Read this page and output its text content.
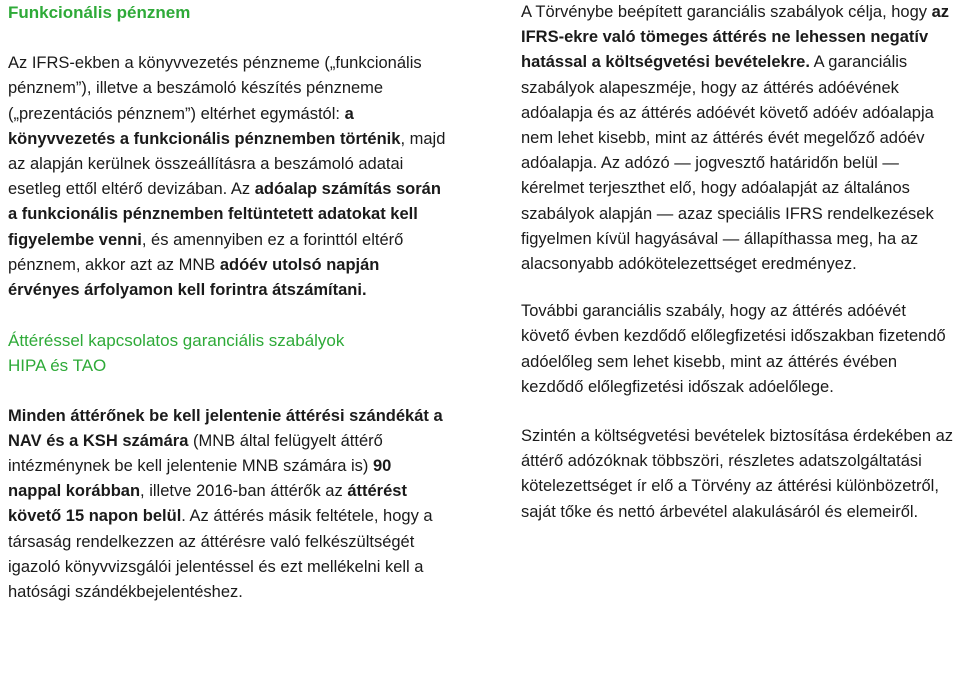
Funkcionális pénznem

Az IFRS-ekben a könyvvezetés pénzneme („funkcionális pénznem”), illetve a beszámoló készítés pénzneme („prezentációs pénznem”) eltérhet egymástól: a könyvvezetés a funkcionális pénznemben történik, majd az alapján kerülnek összeállításra a beszámoló adatai esetleg ettől eltérő devizában. Az adóalap számítás során a funkcionális pénznemben feltüntetett adatokat kell figyelembe venni, és amennyiben ez a forinttól eltérő pénznem, akkor azt az MNB adóév utolsó napján érvényes árfolyamon kell forintra átszámítani.

Áttéréssel kapcsolatos garanciális szabályok
HIPA és TAO

Minden áttérőnek be kell jelentenie áttérési szándékát a NAV és a KSH számára (MNB által felügyelt áttérő intézménynek be kell jelentenie MNB számára is) 90 nappal korábban, illetve 2016-ban áttérők az áttérést követő 15 napon belül. Az áttérés másik feltétele, hogy a társaság rendelkezzen az áttérésre való felkészültségét igazoló könyvvizsgálói jelentéssel és ezt mellékelni kell a hatósági szándékbejelentéshez.

A Törvénybe beépített garanciális szabályok célja, hogy az IFRS-ekre való tömeges áttérés ne lehessen negatív hatással a költségvetési bevételekre. A garanciális szabályok alapeszméje, hogy az áttérés adóévének adóalapja és az áttérés adóévét követő adóév adóalapja nem lehet kisebb, mint az áttérés évét megelőző adóév adóalapja. Az adózó ― jogvesztő határidőn belül ― kérelmet terjeszthet elő, hogy adóalapját az általános szabályok alapján ― azaz speciális IFRS rendelkezések figyelmen kívül hagyásával ― állapíthassa meg, ha az alacsonyabb adókötelezettséget eredményez.

További garanciális szabály, hogy az áttérés adóévét követő évben kezdődő előlegfizetési időszakban fizetendő adóelőleg sem lehet kisebb, mint az áttérés évében kezdődő előlegfizetési időszak adóelőlege.

Szintén a költségvetési bevételek biztosítása érdekében az áttérő adózóknak többszöri, részletes adatszolgáltatási kötelezettséget ír elő a Törvény az áttérési különbözetről, saját tőke és nettó árbevétel alakulásáról és elemeiről.
